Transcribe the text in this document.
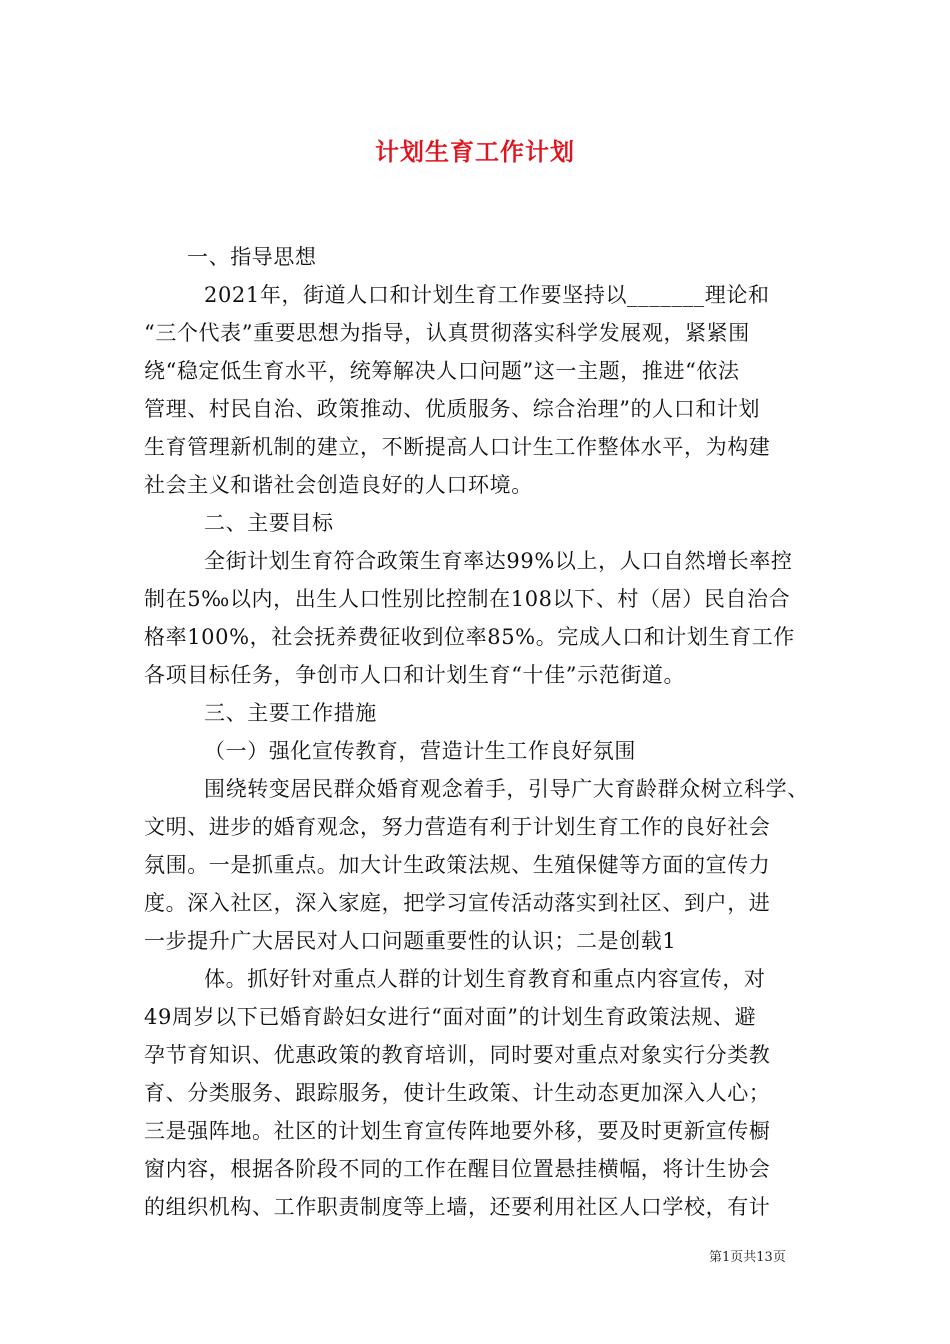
计划生育工作计划
一、指导思想
2021年，街道人口和计划生育工作要坚持以_______理论和
“三个代表”重要思想为指导，认真贯彻落实科学发展观，紧紧围
绕“稳定低生育水平，统筹解决人口问题”这一主题，推进“依法
管理、村民自治、政策推动、优质服务、综合治理”的人口和计划
生育管理新机制的建立，不断提高人口计生工作整体水平，为构建
社会主义和谐社会创造良好的人口环境。
二、主要目标
全街计划生育符合政策生育率达99%以上，人口自然增长率控
制在5‰以内，出生人口性别比控制在108以下、村（居）民自治合
格率100%，社会抚养费征收到位率85%。完成人口和计划生育工作
各项目标任务，争创市人口和计划生育“十佳”示范街道。
三、主要工作措施
（一）强化宣传教育，营造计生工作良好氛围
围绕转变居民群众婚育观念着手，引导广大育龄群众树立科学、
文明、进步的婚育观念，努力营造有利于计划生育工作的良好社会
氛围。一是抓重点。加大计生政策法规、生殖保健等方面的宣传力
度。深入社区，深入家庭，把学习宣传活动落实到社区、到户，进
一步提升广大居民对人口问题重要性的认识；二是创载1
体。抓好针对重点人群的计划生育教育和重点内容宣传，对
49周岁以下已婚育龄妇女进行“面对面”的计划生育政策法规、避
孕节育知识、优惠政策的教育培训，同时要对重点对象实行分类教
育、分类服务、跟踪服务，使计生政策、计生动态更加深入人心；
三是强阵地。社区的计划生育宣传阵地要外移，要及时更新宣传橱
窗内容，根据各阶段不同的工作在醒目位置悬挂横幅，将计生协会
的组织机构、工作职责制度等上墙，还要利用社区人口学校，有计
第1页共13页
